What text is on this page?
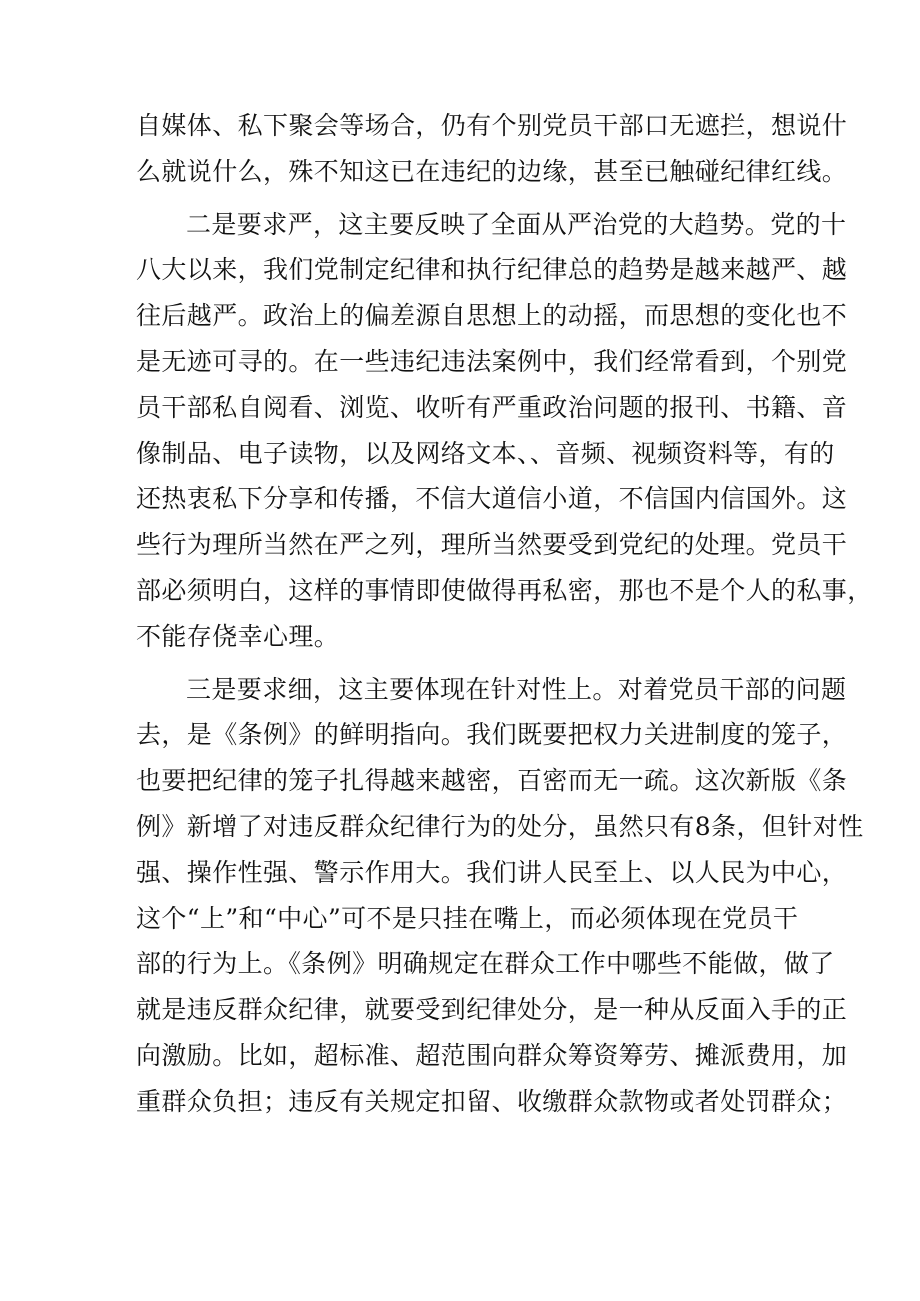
自媒体、私下聚会等场合，仍有个别党员干部口无遮拦，想说什
么就说什么，殊不知这已在违纪的边缘，甚至已触碰纪律红线。
二是要求严，这主要反映了全面从严治党的大趋势。党的十
八大以来，我们党制定纪律和执行纪律总的趋势是越来越严、越
往后越严。政治上的偏差源自思想上的动摇，而思想的变化也不
是无迹可寻的。在一些违纪违法案例中，我们经常看到，个别党
员干部私自阅看、浏览、收听有严重政治问题的报刊、书籍、音
像制品、电子读物，以及网络文本、、音频、视频资料等，有的
还热衷私下分享和传播，不信大道信小道，不信国内信国外。这
些行为理所当然在严之列，理所当然要受到党纪的处理。党员干
部必须明白，这样的事情即使做得再私密，那也不是个人的私事，
不能存侥幸心理。
三是要求细，这主要体现在针对性上。对着党员干部的问题
去，是《条例》的鲜明指向。我们既要把权力关进制度的笼子，
也要把纪律的笼子扎得越来越密，百密而无一疏。这次新版《条
例》新增了对违反群众纪律行为的处分，虽然只有8条，但针对性
强、操作性强、警示作用大。我们讲人民至上、以人民为中心，
这个“上”和“中心”可不是只挂在嘴上，而必须体现在党员干
部的行为上。《条例》明确规定在群众工作中哪些不能做，做了
就是违反群众纪律，就要受到纪律处分，是一种从反面入手的正
向激励。比如，超标准、超范围向群众筹资筹劳、摊派费用，加
重群众负担；违反有关规定扣留、收缴群众款物或者处罚群众；
